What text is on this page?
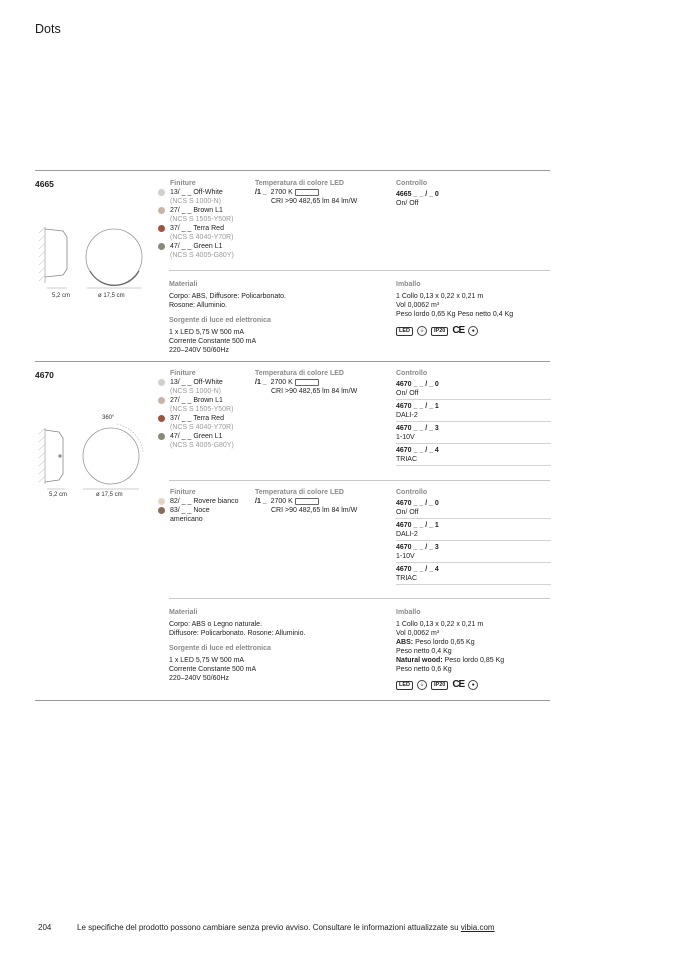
Dots
4665
5,2 cm	ø 17,5 cm
Finiture
13/ _ _ Off-White
(NCS S 1000-N)
27/ _ _ Brown L1
(NCS S 1505-Y50R)
37/ _ _ Terra Red
(NCS S 4040-Y70R)
47/ _ _ Green L1
(NCS S 4005-G80Y)
Temperatura di colore LED
/1 _ 2700 K
CRI >90 482,65 lm 84 lm/W
Controllo
4665 _ _ / _ 0
On/ Off
Materiali
Corpo: ABS, Diffusore: Policarbonato.
Rosone: Alluminio.
Sorgente di luce ed elettronica
1 x LED 5,75 W 500 mA
Corrente Constante 500 mA
220–240V 50/60Hz
Imballo
1 Collo 0,13 x 0,22 x 0,21 m
Vol 0,0062 m³
Peso lordo 0,65 Kg Peso netto 0,4 Kg
LED	⏚	IP20 CE	●
4670
360°
5,2 cm	ø 17,5 cm
Finiture
13/ _ _ Off-White
(NCS S 1000-N)
27/ _ _ Brown L1
(NCS S 1505-Y50R)
37/ _ _ Terra Red
(NCS S 4040-Y70R)
47/ _ _ Green L1
(NCS S 4005-G80Y)
Temperatura di colore LED
/1 _ 2700 K
CRI >90 482,65 lm 84 lm/W
Controllo
4670 _ _ / _ 0
On/ Off
4670 _ _ / _ 1
DALI-2
4670 _ _ / _ 3
1-10V
4670 _ _ / _ 4
TRIAC
Finiture
82/ _ _ Rovere bianco
83/ _ _ Noce
americano
Temperatura di colore LED
/1 _ 2700 K
CRI >90 482,65 lm 84 lm/W
Controllo
4670 _ _ / _ 0
On/ Off
4670 _ _ / _ 1
DALI-2
4670 _ _ / _ 3
1-10V
4670 _ _ / _ 4
TRIAC
Materiali
Corpo: ABS o Legno naturale.
Diffusore: Policarbonato. Rosone: Alluminio.
Sorgente di luce ed elettronica
1 x LED 5,75 W 500 mA
Corrente Constante 500 mA
220–240V 50/60Hz
Imballo
1 Collo 0,13 x 0,22 x 0,21 m
Vol 0,0062 m³
ABS: Peso lordo 0,65 Kg
Peso netto 0,4 Kg
Natural wood: Peso lordo 0,85 Kg
Peso netto 0,6 Kg
LED	⏚	IP20 CE	●
204	Le specifiche del prodotto possono cambiare senza previo avviso. Consultare le informazioni attualizzate su vibia.com
